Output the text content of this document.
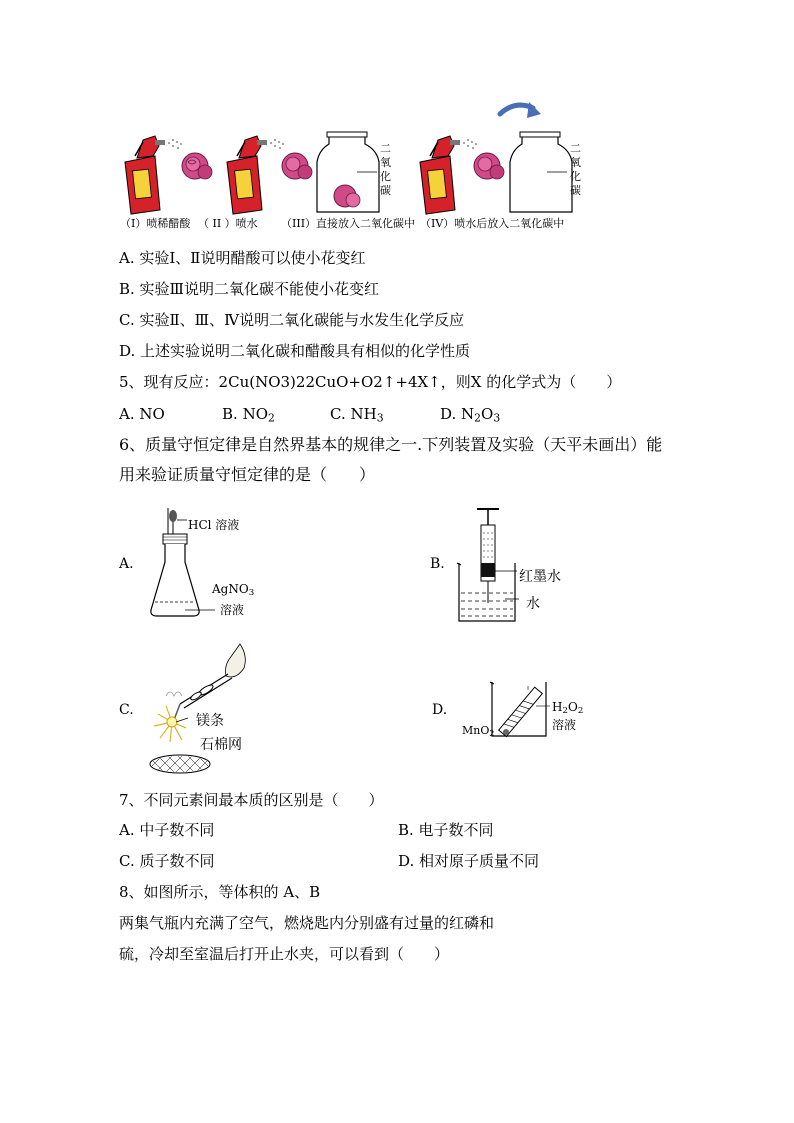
二
氧
化
碳
二
氧
化
碳
（I）喷稀醋酸 （ II ）喷水 （III）直接放入二氧化碳中 （IV）喷水后放入二氧化碳中
A. 实验Ⅰ、Ⅱ说明醋酸可以使小花变红
B. 实验Ⅲ说明二氧化碳不能使小花变红
C. 实验Ⅱ、Ⅲ、Ⅳ说明二氧化碳能与水发生化学反应
D. 上述实验说明二氧化碳和醋酸具有相似的化学性质
5、现有反应：2Cu(NO3)22CuO+O2↑+4X↑，则X 的化学式为（　　）
A. NO	B. $NO_2$	C. $NH_3$	D. $N_2O_3$
6、质量守恒定律是自然界基本的规律之一.下列装置及实验（天平未画出）能
用来验证质量守恒定律的是（　　）
A.
HCl 溶液
AgNO$_3$
溶液
B.
红墨水
水
C.
镁条
石棉网
D.	$H_2O_2$
溶液
MnO$_2$
7、不同元素间最本质的区别是（　　）
A. 中子数不同	B. 电子数不同
C. 质子数不同	D. 相对原子质量不同
8、如图所示，等体积的 A、B
两集气瓶内充满了空气，燃烧匙内分别盛有过量的红磷和
硫，冷却至室温后打开止水夹，可以看到（　　）
